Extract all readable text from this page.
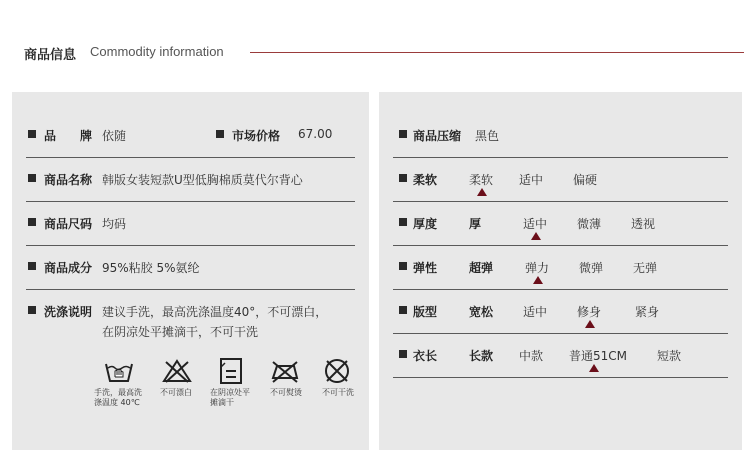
商品信息 Commodity information
品　　牌 依随	市场价格 67.00
商品名称 韩版女装短款U型低胸棉质莫代尔背心
商品尺码 均码
商品成分 95%粘胶 5%氨纶
洗涤说明 建议手洗，最高洗涤温度40°，不可漂白，
在阴凉处平摊滴干，不可干洗
手洗，最高洗
涤温度 40℃
不可漂白 在阴凉处平
摊滴干
不可熨烫	不可干洗
商品压缩 黑色
柔软	柔软 适中 偏硬
厚度	厚	适中 微薄 透视
弹性	超弹	弹力 微弹 无弹
版型	宽松 适中 修身	紧身
衣长	长款 中款 普通51CM 短款
